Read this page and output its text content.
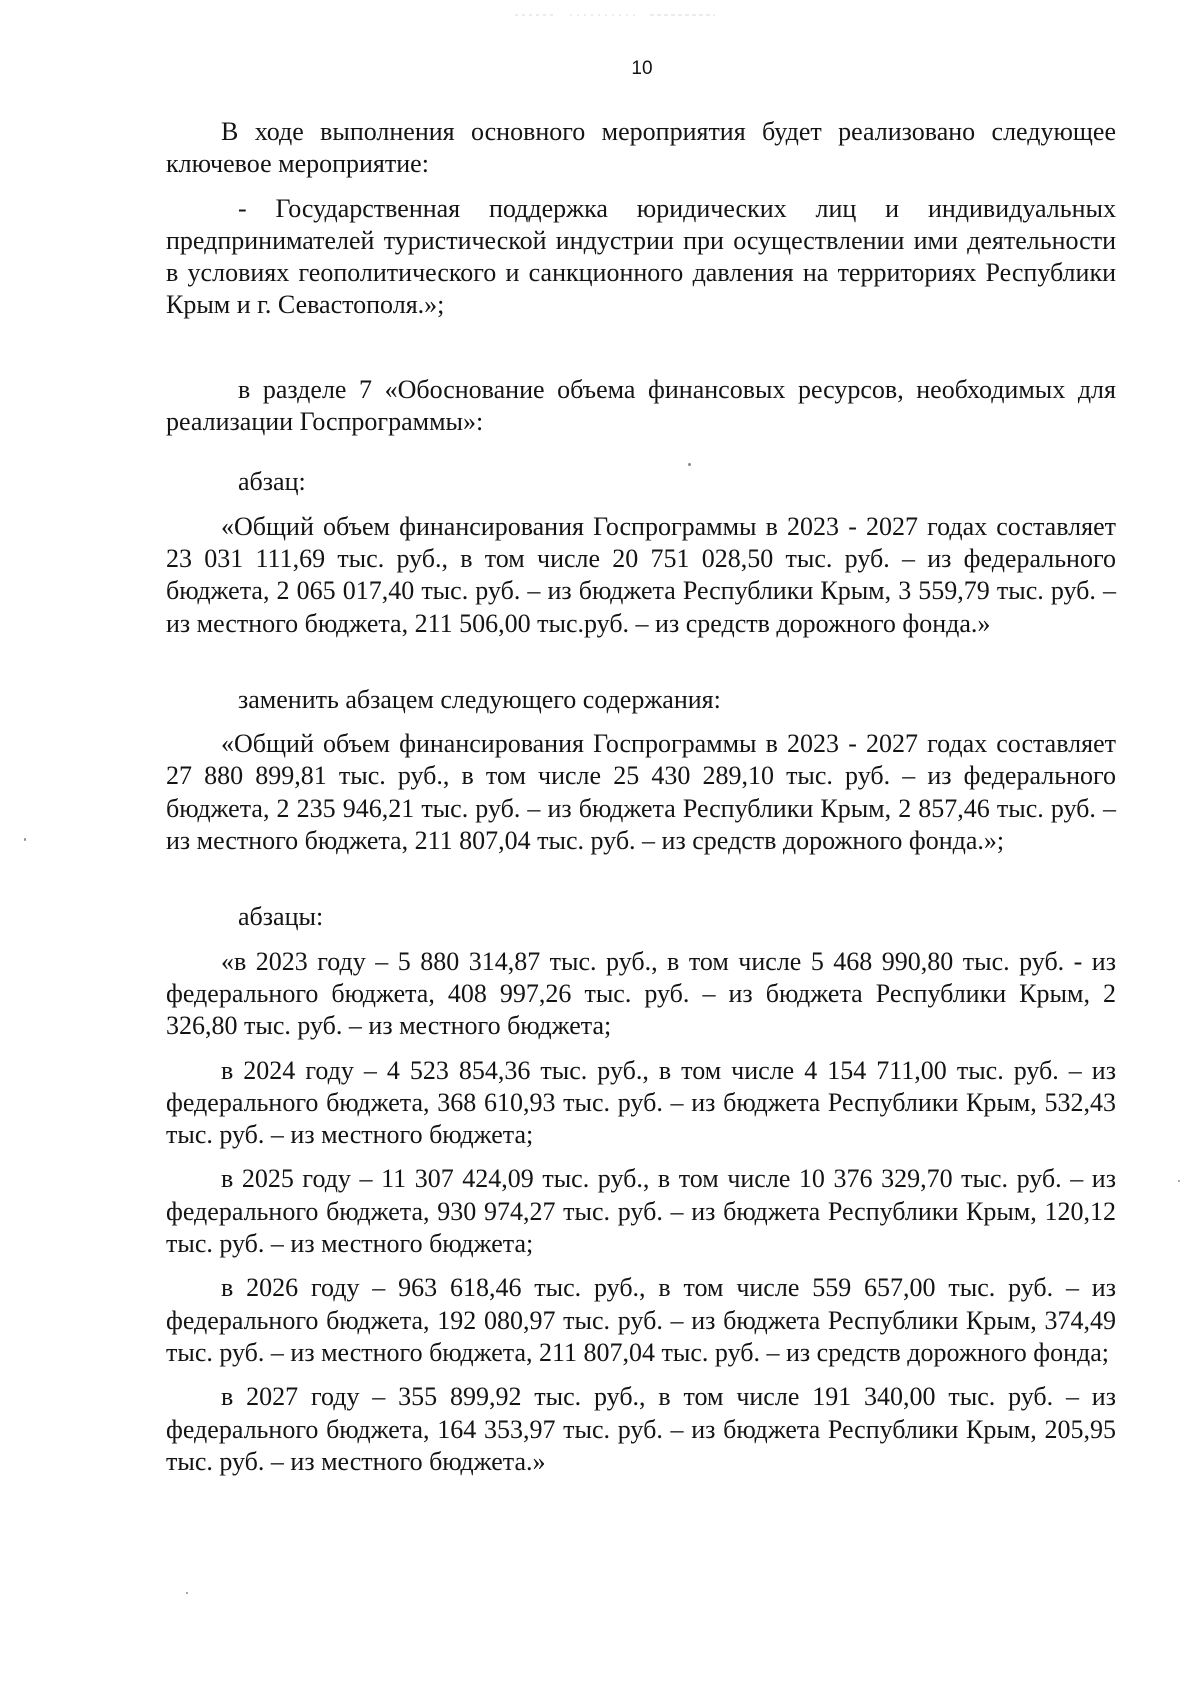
10

В ходе выполнения основного мероприятия будет реализовано следующее ключевое мероприятие:

- Государственная поддержка юридических лиц и индивидуальных предпринимателей туристической индустрии при осуществлении ими деятельности в условиях геополитического и санкционного давления на территориях Республики Крым и г. Севастополя.»;

в разделе 7 «Обоснование объема финансовых ресурсов, необходимых для реализации Госпрограммы»:

абзац:

«Общий объем финансирования Госпрограммы в 2023 - 2027 годах составляет 23 031 111,69 тыс. руб., в том числе 20 751 028,50 тыс. руб. – из федерального бюджета, 2 065 017,40 тыс. руб. – из бюджета Республики Крым, 3 559,79 тыс. руб. – из местного бюджета, 211 506,00 тыс.руб. – из средств дорожного фонда.»

заменить абзацем следующего содержания:

«Общий объем финансирования Госпрограммы в 2023 - 2027 годах составляет 27 880 899,81 тыс. руб., в том числе 25 430 289,10 тыс. руб. – из федерального бюджета, 2 235 946,21 тыс. руб. – из бюджета Республики Крым, 2 857,46 тыс. руб. – из местного бюджета, 211 807,04 тыс. руб. – из средств дорожного фонда.»;

абзацы:

«в 2023 году – 5 880 314,87 тыс. руб., в том числе 5 468 990,80 тыс. руб. - из федерального бюджета, 408 997,26 тыс. руб. – из бюджета Республики Крым, 2 326,80 тыс. руб. – из местного бюджета;

в 2024 году – 4 523 854,36 тыс. руб., в том числе 4 154 711,00 тыс. руб. – из федерального бюджета, 368 610,93 тыс. руб. – из бюджета Республики Крым, 532,43 тыс. руб. – из местного бюджета;

в 2025 году – 11 307 424,09 тыс. руб., в том числе 10 376 329,70 тыс. руб. – из федерального бюджета, 930 974,27 тыс. руб. – из бюджета Республики Крым, 120,12 тыс. руб. – из местного бюджета;

в 2026 году – 963 618,46 тыс. руб., в том числе 559 657,00 тыс. руб. – из федерального бюджета, 192 080,97 тыс. руб. – из бюджета Республики Крым, 374,49 тыс. руб. – из местного бюджета, 211 807,04 тыс. руб. – из средств дорожного фонда;

в 2027 году – 355 899,92 тыс. руб., в том числе 191 340,00 тыс. руб. – из федерального бюджета, 164 353,97 тыс. руб. – из бюджета Республики Крым, 205,95 тыс. руб. – из местного бюджета.»
